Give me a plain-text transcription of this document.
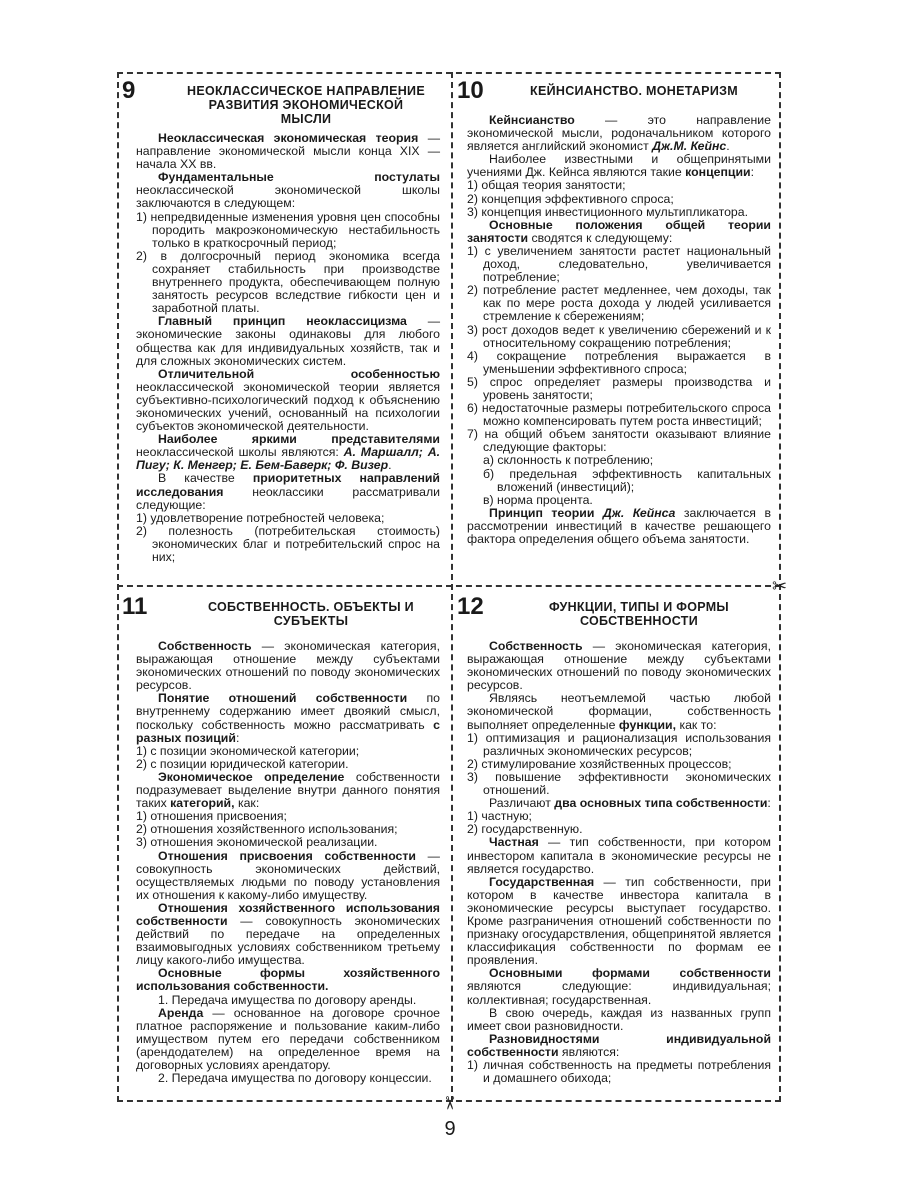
✂
✂
9	НЕОКЛАССИЧЕСКОЕ НАПРАВЛЕНИЕ РАЗВИТИЯ ЭКОНОМИЧЕСКОЙ МЫСЛИ

Неоклассическая экономическая теория — направление экономической мысли конца XIX — начала XX вв.

Фундаментальные постулаты неоклассической экономической школы заключаются в следующем:

1) непредвиденные изменения уровня цен способны породить макроэкономическую нестабильность только в краткосрочный период;

2) в долгосрочный период экономика всегда сохраняет стабильность при производстве внутреннего продукта, обеспечивающем полную занятость ресурсов вследствие гибкости цен и заработной платы.

Главный принцип неоклассицизма — экономические законы одинаковы для любого общества как для индивидуальных хозяйств, так и для сложных экономических систем.

Отличительной особенностью неоклассической экономической теории является субъективно-психологический подход к объяснению экономических учений, основанный на психологии субъектов экономической деятельности.

Наиболее яркими представителями неоклассической школы являются: А. Маршалл; А. Пигу; К. Менгер; Е. Бем-Баверк; Ф. Визер.

В качестве приоритетных направлений исследования неоклассики рассматривали следующие:

1) удовлетворение потребностей человека;

2) полезность (потребительская стоимость) экономических благ и потребительский спрос на них;

10	КЕЙНСИАНСТВО. МОНЕТАРИЗМ

Кейнсианство — это направление экономической мысли, родоначальником которого является английский экономист Дж.М. Кейнс.

Наиболее известными и общепринятыми учениями Дж. Кейнса являются такие концепции:

1) общая теория занятости;

2) концепция эффективного спроса;

3) концепция инвестиционного мультипликатора.

Основные положения общей теории занятости сводятся к следующему:

1) с увеличением занятости растет национальный доход, следовательно, увеличивается потребление;

2) потребление растет медленнее, чем доходы, так как по мере роста дохода у людей усиливается стремление к сбережениям;

3) рост доходов ведет к увеличению сбережений и к относительному сокращению потребления;

4) сокращение потребления выражается в уменьшении эффективного спроса;

5) спрос определяет размеры производства и уровень занятости;

6) недостаточные размеры потребительского спроса можно компенсировать путем роста инвестиций;

7) на общий объем занятости оказывают влияние следующие факторы:

а) склонность к потреблению;

б) предельная эффективность капитальных вложений (инвестиций);

в) норма процента.

Принцип теории Дж. Кейнса заключается в рассмотрении инвестиций в качестве решающего фактора определения общего объема занятости.

11	СОБСТВЕННОСТЬ. ОБЪЕКТЫ И СУБЪЕКТЫ

Собственность — экономическая категория, выражающая отношение между субъектами экономических отношений по поводу экономических ресурсов.

Понятие отношений собственности по внутреннему содержанию имеет двоякий смысл, поскольку собственность можно рассматривать с разных позиций:

1) с позиции экономической категории;

2) с позиции юридической категории.

Экономическое определение собственности подразумевает выделение внутри данного понятия таких категорий, как:

1) отношения присвоения;

2) отношения хозяйственного использования;

3) отношения экономической реализации.

Отношения присвоения собственности — совокупность экономических действий, осуществляемых людьми по поводу установления их отношения к какому-либо имуществу.

Отношения хозяйственного использования собственности — совокупность экономических действий по передаче на определенных взаимовыгодных условиях собственником третьему лицу какого-либо имущества.

Основные формы хозяйственного использования собственности.

1. Передача имущества по договору аренды.

Аренда — основанное на договоре срочное платное распоряжение и пользование каким-либо имуществом путем его передачи собственником (арендодателем) на определенное время на договорных условиях арендатору.

2. Передача имущества по договору концессии.

12	ФУНКЦИИ, ТИПЫ И ФОРМЫ СОБСТВЕННОСТИ

Собственность — экономическая категория, выражающая отношение между субъектами экономических отношений по поводу экономических ресурсов.

Являясь неотъемлемой частью любой экономической формации, собственность выполняет определенные функции, как то:

1) оптимизация и рационализация использования различных экономических ресурсов;

2) стимулирование хозяйственных процессов;

3) повышение эффективности экономических отношений.

Различают два основных типа собственности:

1) частную;

2) государственную.

Частная — тип собственности, при котором инвестором капитала в экономические ресурсы не является государство.

Государственная — тип собственности, при котором в качестве инвестора капитала в экономические ресурсы выступает государство. Кроме разграничения отношений собственности по признаку огосударствления, общепринятой является классификация собственности по формам ее проявления.

Основными формами собственности являются следующие: индивидуальная; коллективная; государственная.

В свою очередь, каждая из названных групп имеет свои разновидности.

Разновидностями индивидуальной собственности являются:

1) личная собственность на предметы потребления и домашнего обихода;

9
